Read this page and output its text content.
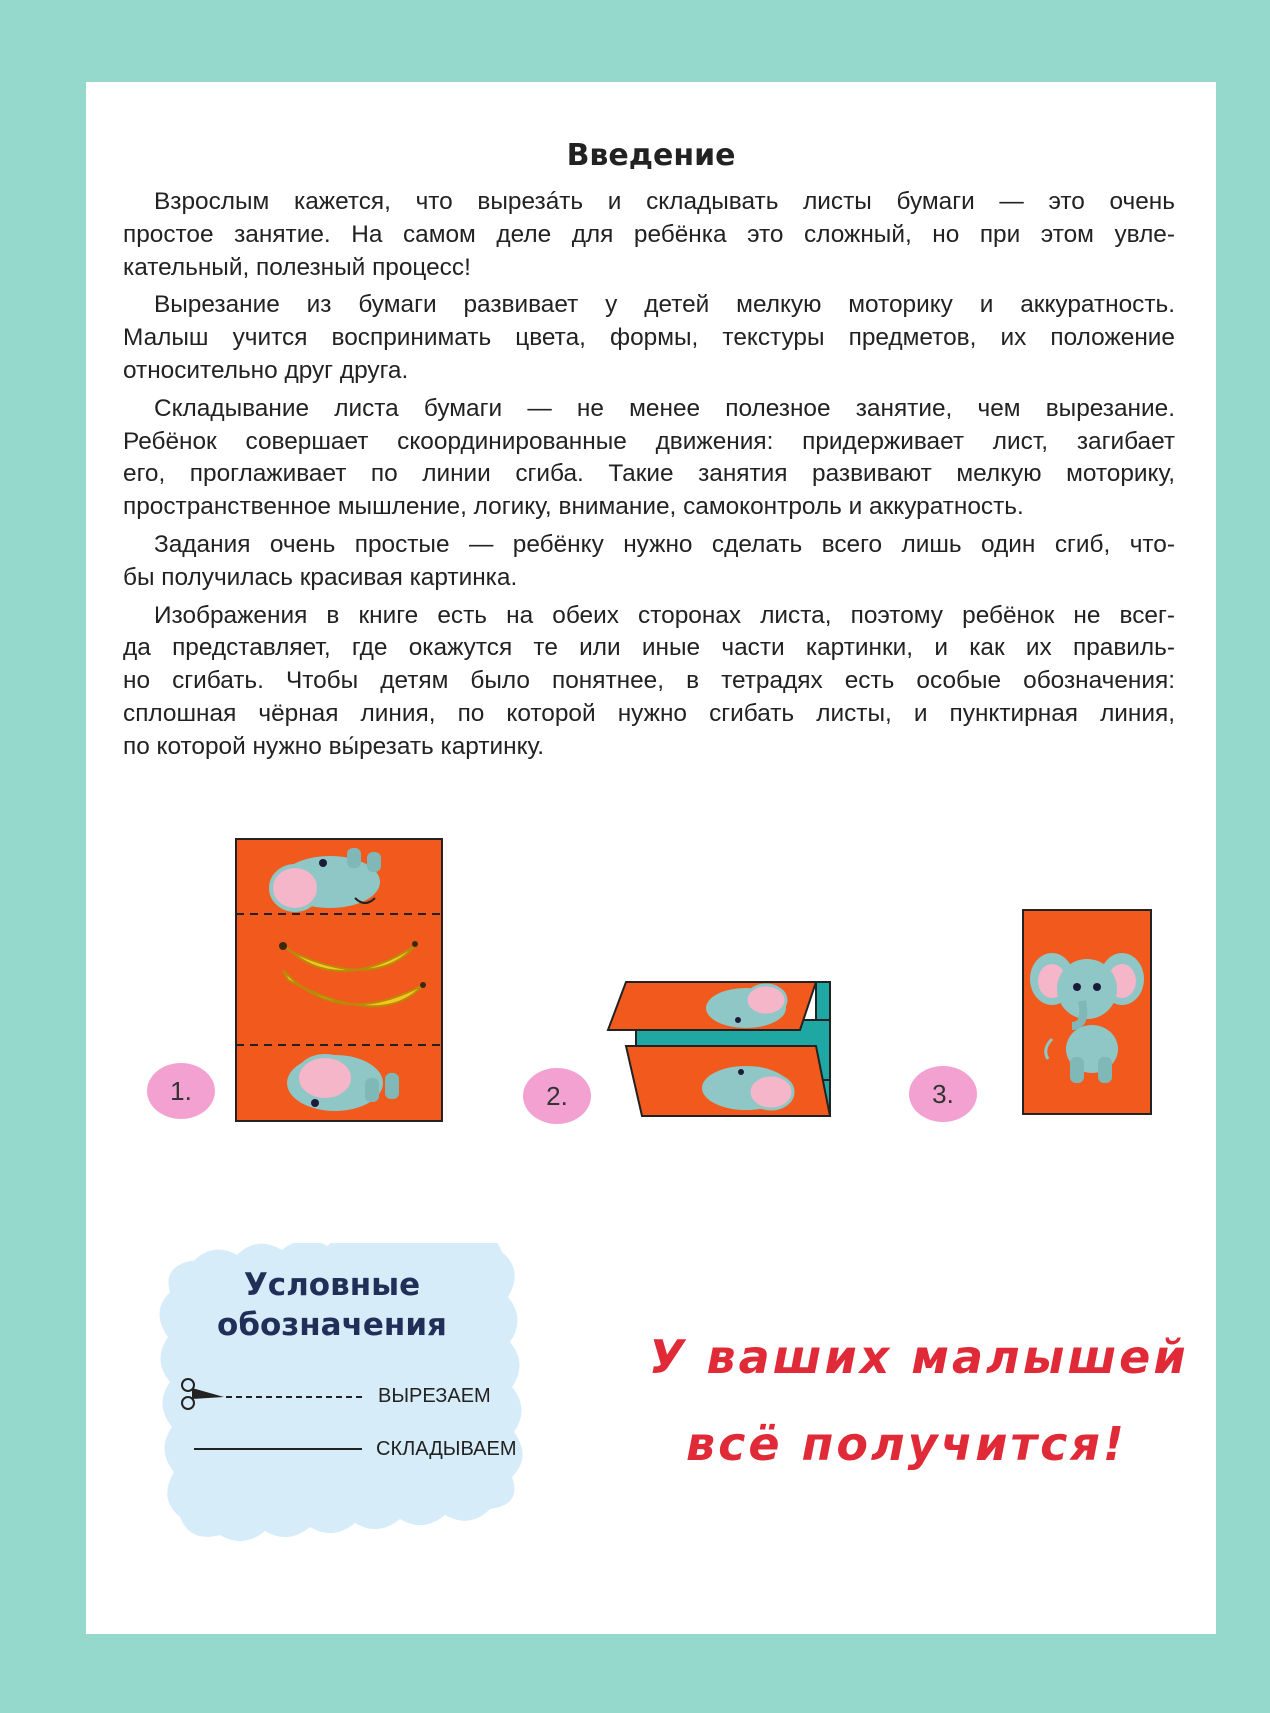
Введение

Взрослым кажется, что вырезáть и складывать листы бумаги — это очень
простое занятие. На самом деле для ребёнка это сложный, но при этом увле-
кательный, полезный процесс!

Вырезание из бумаги развивает у детей мелкую моторику и аккуратность.
Малыш учится воспринимать цвета, формы, текстуры предметов, их положение
относительно друг друга.

Складывание листа бумаги — не менее полезное занятие, чем вырезание.
Ребёнок совершает скоординированные движения: придерживает лист, загибает
его, проглаживает по линии сгиба. Такие занятия развивают мелкую моторику,
пространственное мышление, логику, внимание, самоконтроль и аккуратность.

Задания очень простые — ребёнку нужно сделать всего лишь один сгиб, что-
бы получилась красивая картинка.

Изображения в книге есть на обеих сторонах листа, поэтому ребёнок не всег-
да представляет, где окажутся те или иные части картинки, и как их правиль-
но сгибать. Чтобы детям было понятнее, в тетрадях есть особые обозначения:
сплошная чёрная линия, по которой нужно сгибать листы, и пунктирная линия,
по которой нужно вы́резать картинку.

1.	2.	3.
Условные
обозначения
ВЫРЕЗАЕМ
СКЛАДЫВАЕМ
У ваших малышей
всё получится!
